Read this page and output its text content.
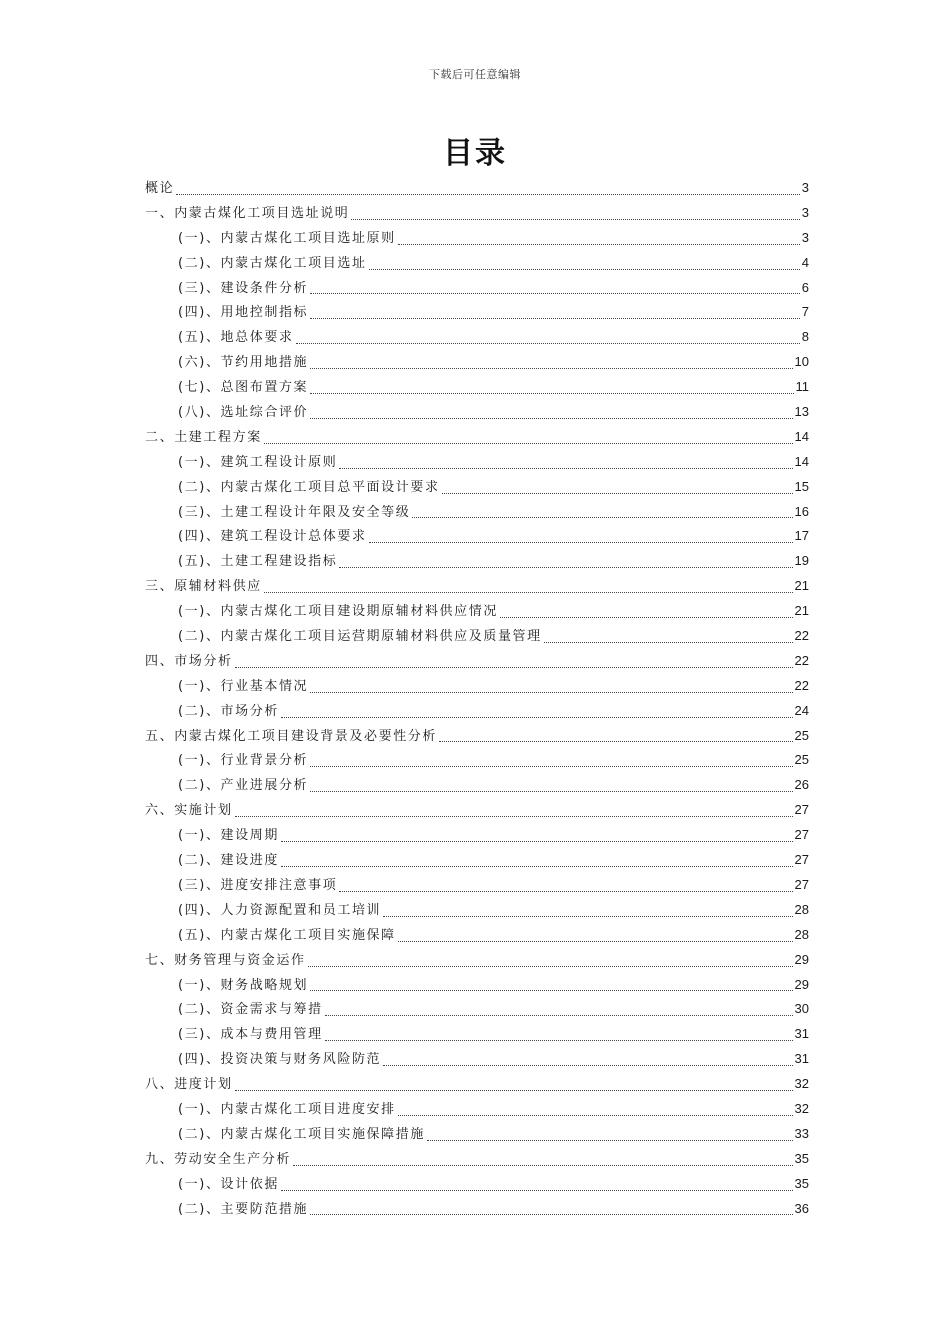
下载后可任意编辑
目录
概论	3
一、内蒙古煤化工项目选址说明	3
(一)、内蒙古煤化工项目选址原则	3
(二)、内蒙古煤化工项目选址	4
(三)、建设条件分析	6
(四)、用地控制指标	7
(五)、地总体要求	8
(六)、节约用地措施	10
(七)、总图布置方案	11
(八)、选址综合评价	13
二、土建工程方案	14
(一)、建筑工程设计原则	14
(二)、内蒙古煤化工项目总平面设计要求	15
(三)、土建工程设计年限及安全等级	16
(四)、建筑工程设计总体要求	17
(五)、土建工程建设指标	19
三、原辅材料供应	21
(一)、内蒙古煤化工项目建设期原辅材料供应情况	21
(二)、内蒙古煤化工项目运营期原辅材料供应及质量管理	22
四、市场分析	22
(一)、行业基本情况	22
(二)、市场分析	24
五、内蒙古煤化工项目建设背景及必要性分析	25
(一)、行业背景分析	25
(二)、产业进展分析	26
六、实施计划	27
(一)、建设周期	27
(二)、建设进度	27
(三)、进度安排注意事项	27
(四)、人力资源配置和员工培训	28
(五)、内蒙古煤化工项目实施保障	28
七、财务管理与资金运作	29
(一)、财务战略规划	29
(二)、资金需求与筹措	30
(三)、成本与费用管理	31
(四)、投资决策与财务风险防范	31
八、进度计划	32
(一)、内蒙古煤化工项目进度安排	32
(二)、内蒙古煤化工项目实施保障措施	33
九、劳动安全生产分析	35
(一)、设计依据	35
(二)、主要防范措施	36
